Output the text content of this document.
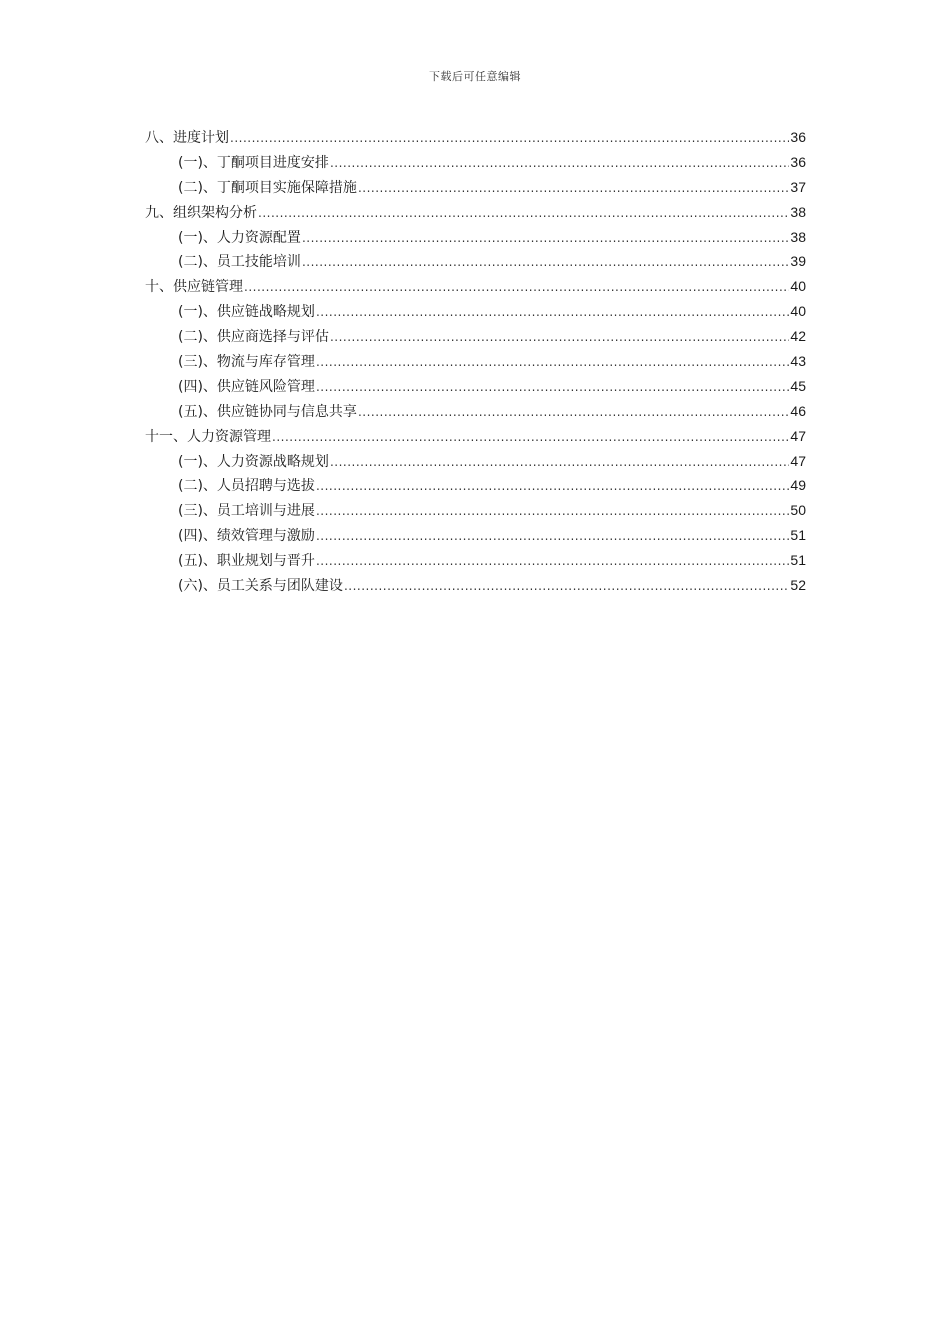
下载后可任意编辑
八、进度计划 .....	36
(一)、丁酮项目进度安排 .....	36
(二)、丁酮项目实施保障措施 .....	37
九、组织架构分析 .....	38
(一)、人力资源配置 .....	38
(二)、员工技能培训 .....	39
十、供应链管理 .....	40
(一)、供应链战略规划 .....	40
(二)、供应商选择与评估 .....	42
(三)、物流与库存管理 .....	43
(四)、供应链风险管理 .....	45
(五)、供应链协同与信息共享 .....	46
十一、人力资源管理 .....	47
(一)、人力资源战略规划 .....	47
(二)、人员招聘与选拔 .....	49
(三)、员工培训与进展 .....	50
(四)、绩效管理与激励 .....	51
(五)、职业规划与晋升 .....	51
(六)、员工关系与团队建设 .....	52
